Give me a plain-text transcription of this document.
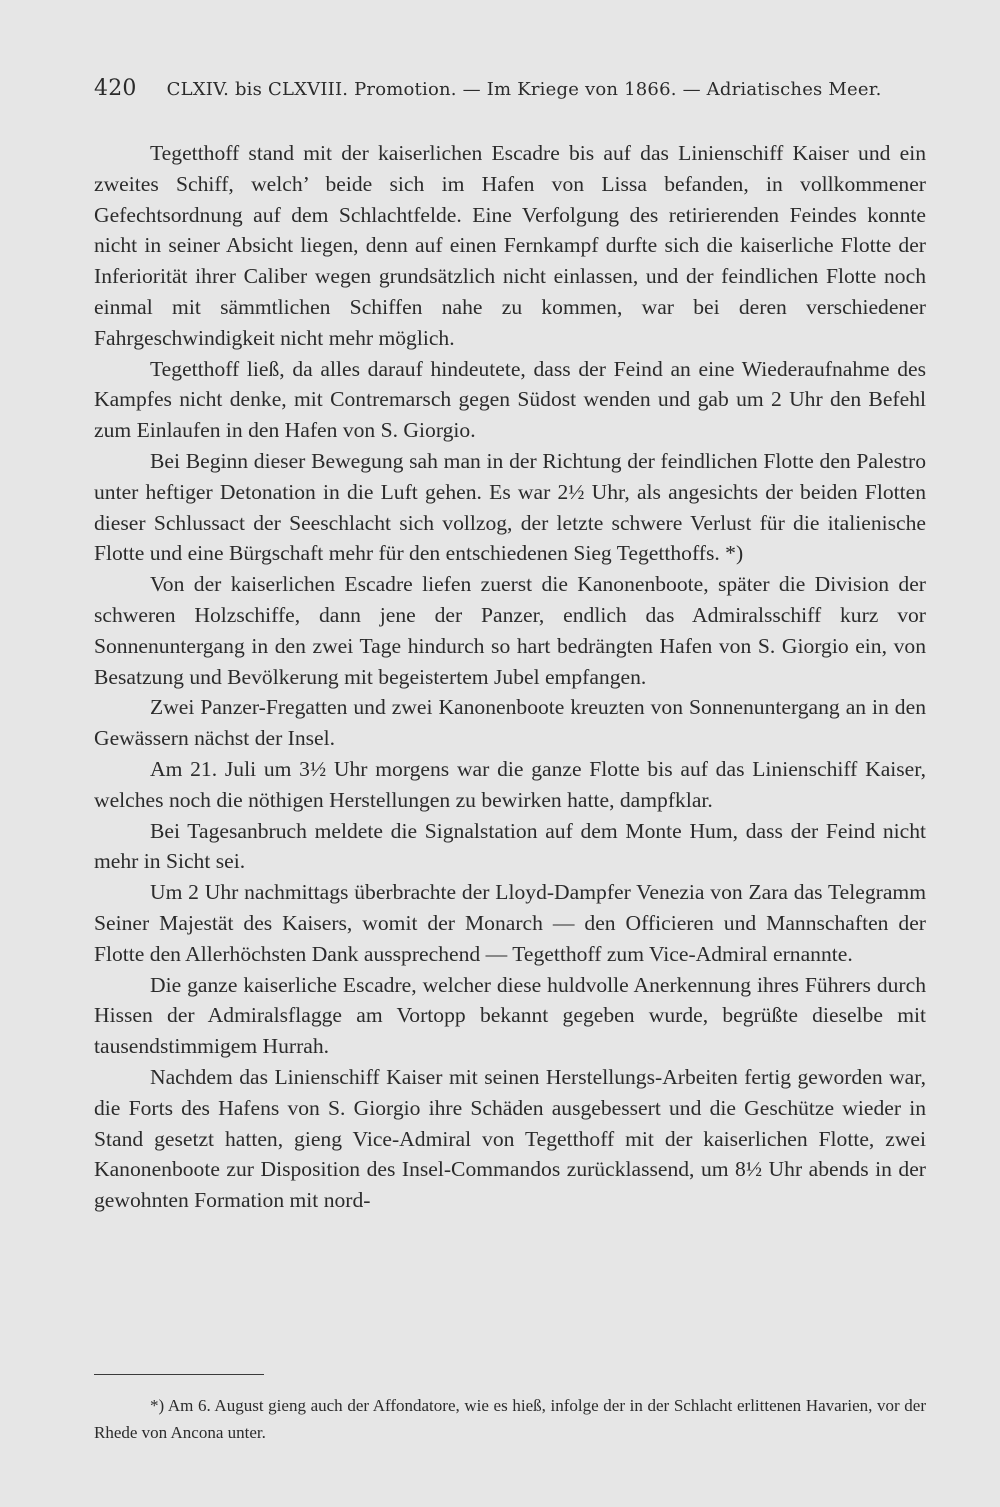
420 CLXIV. bis CLXVIII. Promotion. — Im Kriege von 1866. — Adriatisches Meer.

Tegetthoff stand mit der kaiserlichen Escadre bis auf das Linienschiff Kaiser und ein zweites Schiff, welch’ beide sich im Hafen von Lissa befanden, in vollkommener Gefechtsordnung auf dem Schlachtfelde. Eine Verfolgung des retirierenden Feindes konnte nicht in seiner Absicht liegen, denn auf einen Fernkampf durfte sich die kaiserliche Flotte der Inferiorität ihrer Caliber wegen grundsätzlich nicht einlassen, und der feindlichen Flotte noch einmal mit sämmtlichen Schiffen nahe zu kommen, war bei deren verschiedener Fahrgeschwindigkeit nicht mehr möglich.

Tegetthoff ließ, da alles darauf hindeutete, dass der Feind an eine Wiederaufnahme des Kampfes nicht denke, mit Contremarsch gegen Südost wenden und gab um 2 Uhr den Befehl zum Einlaufen in den Hafen von S. Giorgio.

Bei Beginn dieser Bewegung sah man in der Richtung der feindlichen Flotte den Palestro unter heftiger Detonation in die Luft gehen. Es war 2½ Uhr, als angesichts der beiden Flotten dieser Schlussact der Seeschlacht sich vollzog, der letzte schwere Verlust für die italienische Flotte und eine Bürgschaft mehr für den entschiedenen Sieg Tegetthoffs. *)

Von der kaiserlichen Escadre liefen zuerst die Kanonenboote, später die Division der schweren Holzschiffe, dann jene der Panzer, endlich das Admiralsschiff kurz vor Sonnenuntergang in den zwei Tage hindurch so hart bedrängten Hafen von S. Giorgio ein, von Besatzung und Bevölkerung mit begeistertem Jubel empfangen.

Zwei Panzer-Fregatten und zwei Kanonenboote kreuzten von Sonnenuntergang an in den Gewässern nächst der Insel.

Am 21. Juli um 3½ Uhr morgens war die ganze Flotte bis auf das Linienschiff Kaiser, welches noch die nöthigen Herstellungen zu bewirken hatte, dampfklar.

Bei Tagesanbruch meldete die Signalstation auf dem Monte Hum, dass der Feind nicht mehr in Sicht sei.

Um 2 Uhr nachmittags überbrachte der Lloyd-Dampfer Venezia von Zara das Telegramm Seiner Majestät des Kaisers, womit der Monarch — den Officieren und Mannschaften der Flotte den Allerhöchsten Dank aussprechend — Tegetthoff zum Vice-Admiral ernannte.

Die ganze kaiserliche Escadre, welcher diese huldvolle Anerkennung ihres Führers durch Hissen der Admiralsflagge am Vortopp bekannt gegeben wurde, begrüßte dieselbe mit tausendstimmigem Hurrah.

Nachdem das Linienschiff Kaiser mit seinen Herstellungs-Arbeiten fertig geworden war, die Forts des Hafens von S. Giorgio ihre Schäden ausgebessert und die Geschütze wieder in Stand gesetzt hatten, gieng Vice-Admiral von Tegetthoff mit der kaiserlichen Flotte, zwei Kanonenboote zur Disposition des Insel-Commandos zurücklassend, um 8½ Uhr abends in der gewohnten Formation mit nord-

*) Am 6. August gieng auch der Affondatore, wie es hieß, infolge der in der Schlacht erlittenen Havarien, vor der Rhede von Ancona unter.
